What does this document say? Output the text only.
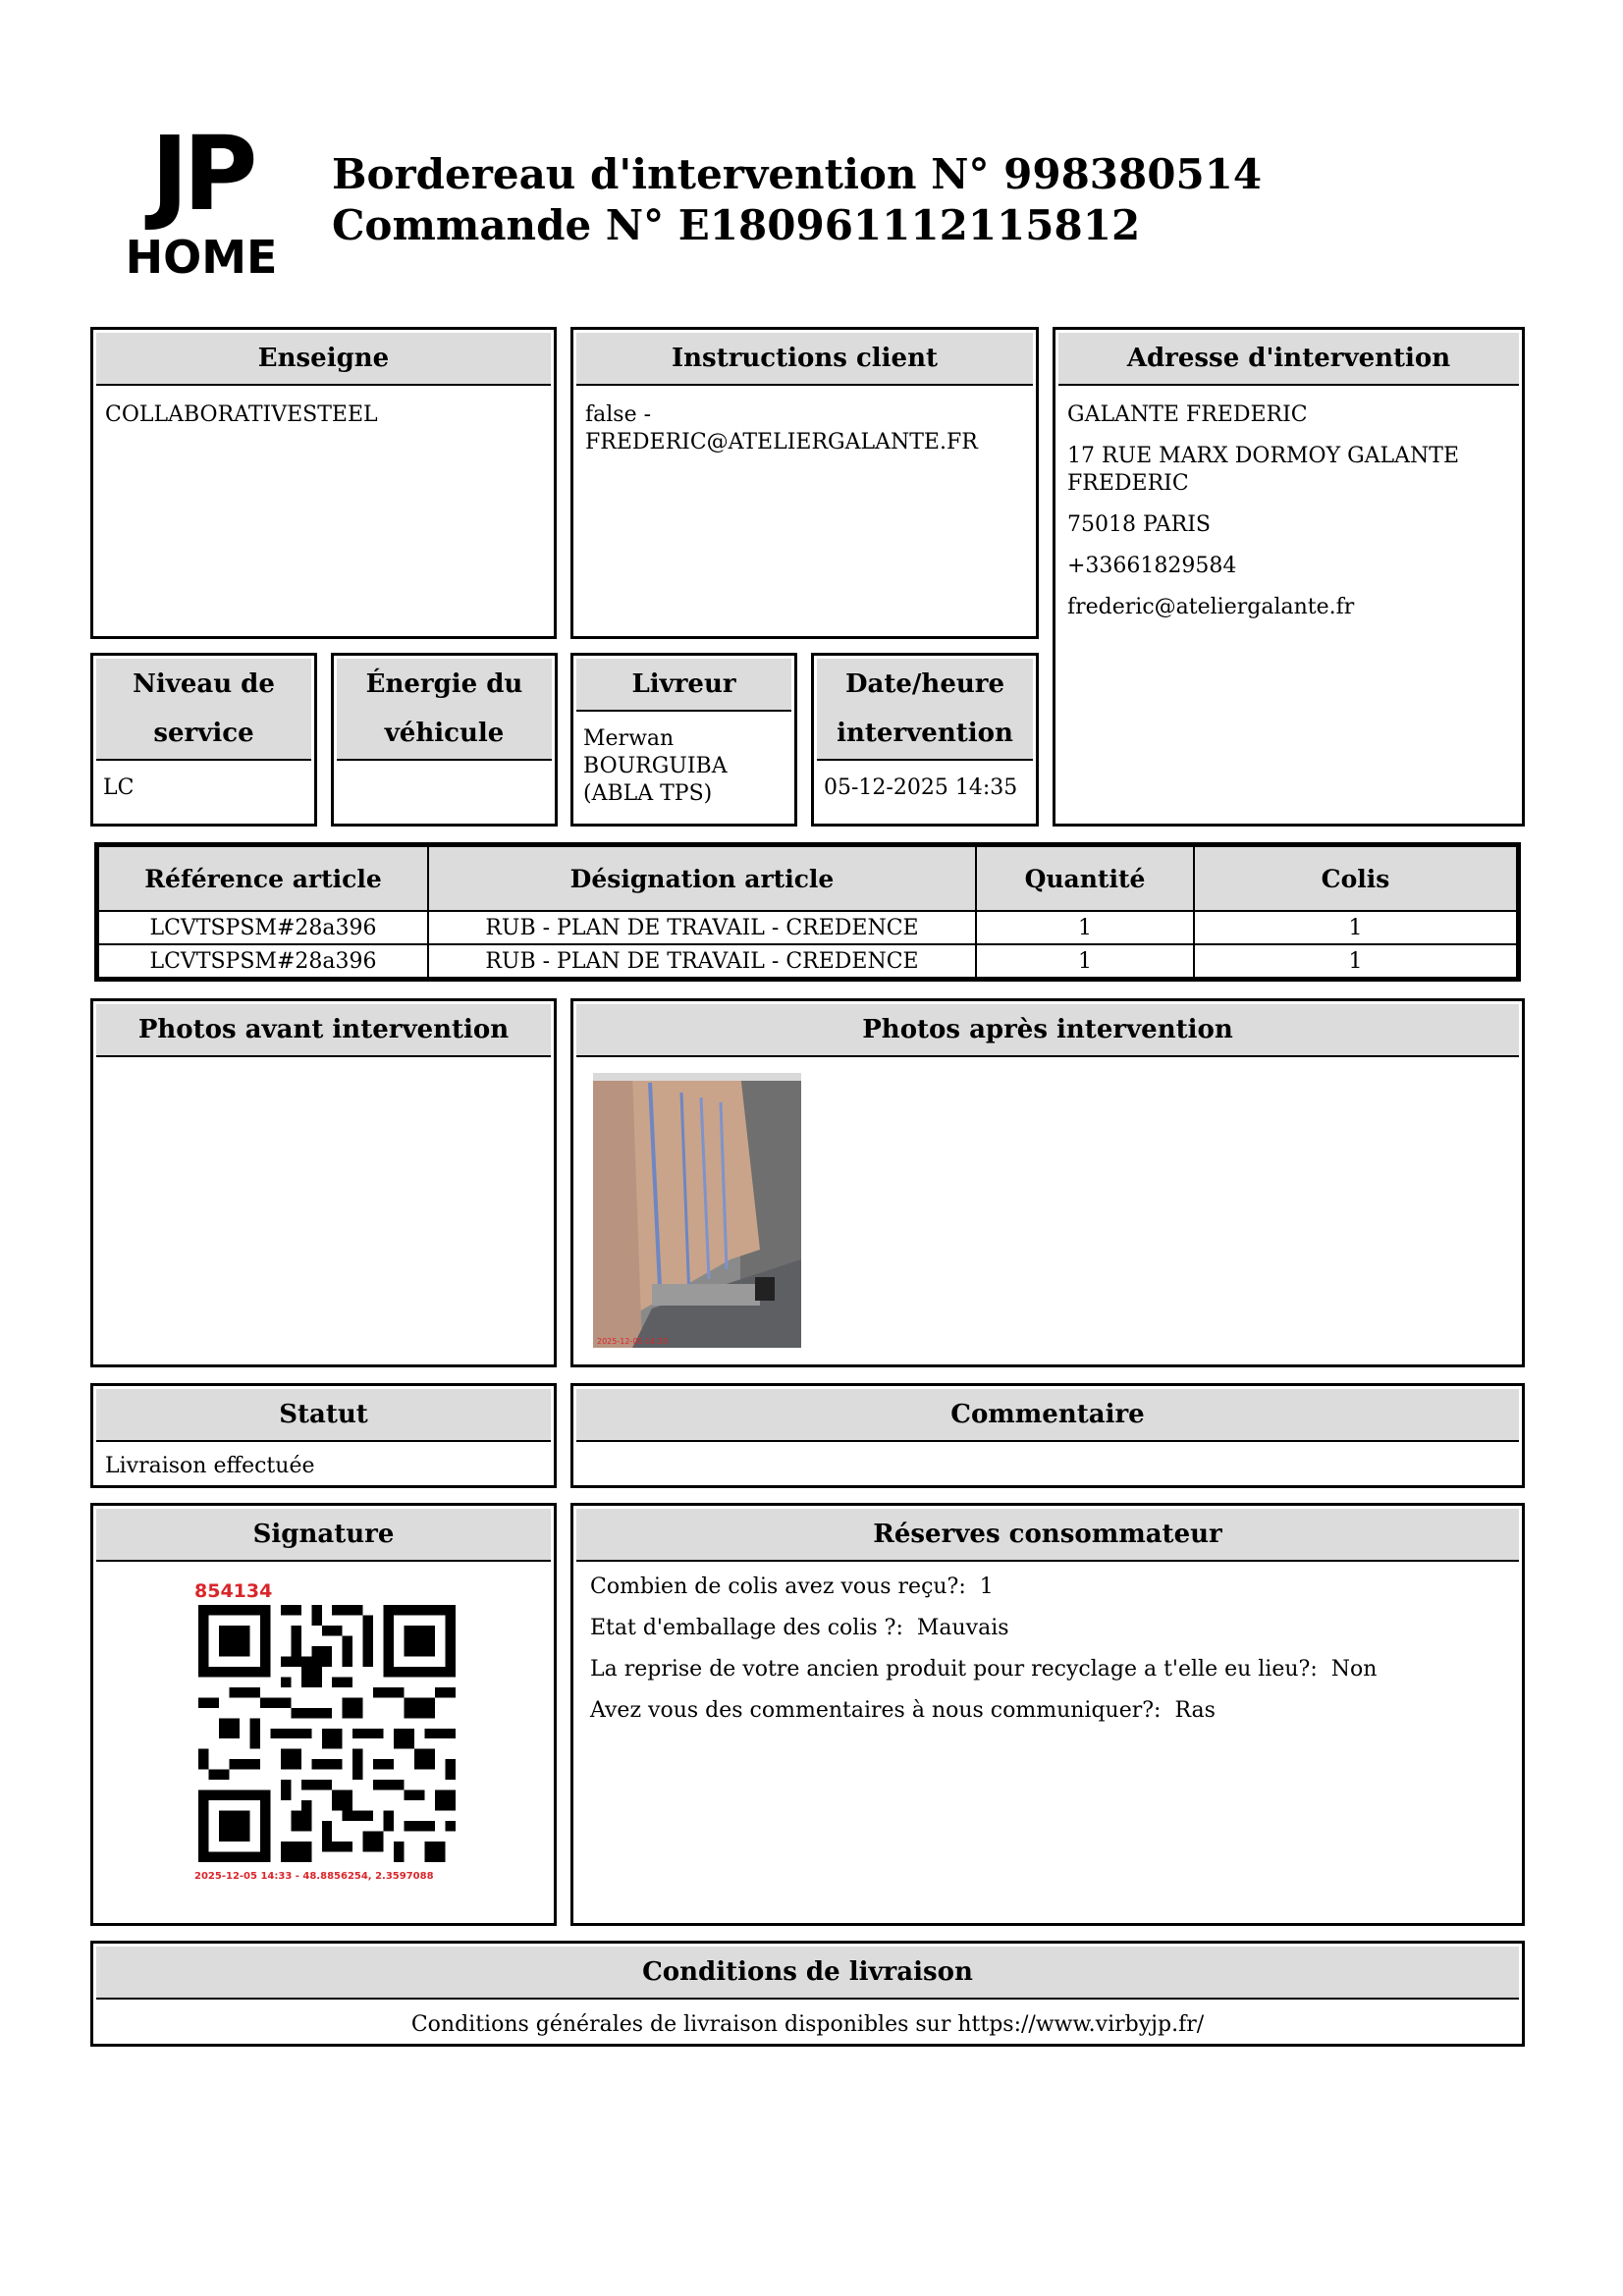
JP
HOME
Bordereau d'intervention N° 998380514
Commande N° E180961112115812
Enseigne
COLLABORATIVESTEEL
Instructions client
false -
FREDERIC@ATELIERGALANTE.FR
Adresse d'intervention
GALANTE FREDERIC
17 RUE MARX DORMOY GALANTE FREDERIC
75018 PARIS
+33661829584
frederic@ateliergalante.fr
Niveau de service
LC
Énergie du véhicule
Livreur
Merwan BOURGUIBA (ABLA TPS)
Date/heure intervention
05-12-2025 14:35
Référence article	Désignation article	Quantité	Colis
LCVTSPSM#28a396	RUB - PLAN DE TRAVAIL - CREDENCE	1	1
LCVTSPSM#28a396	RUB - PLAN DE TRAVAIL - CREDENCE	1	1
Photos avant intervention	Photos après intervention
2025-12-05 14:33
Statut
Livraison effectuée
Commentaire
Signature
854134
2025-12-05 14:33 - 48.8856254, 2.3597088
Réserves consommateur
Combien de colis avez vous reçu?: 1
Etat d'emballage des colis ?: Mauvais
La reprise de votre ancien produit pour recyclage a t'elle eu lieu?: Non
Avez vous des commentaires à nous communiquer?: Ras
Conditions de livraison
Conditions générales de livraison disponibles sur https://www.virbyjp.fr/
